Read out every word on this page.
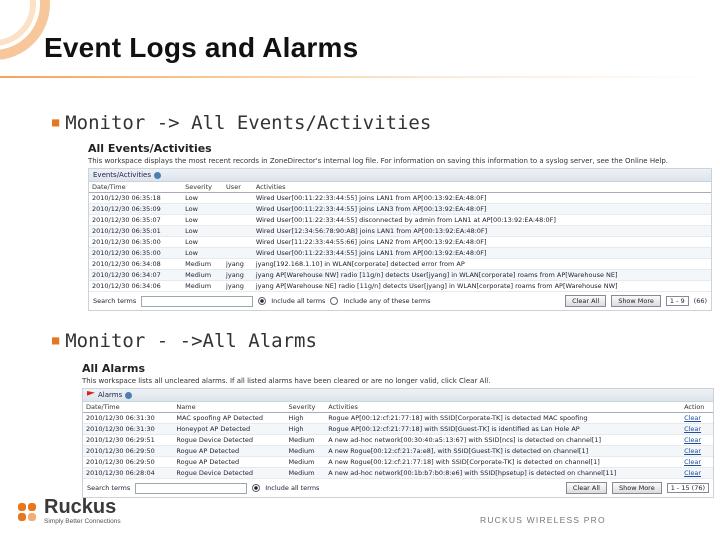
Event Logs and Alarms
■ Monitor -> All Events/Activities
All Events/Activities
This workspace displays the most recent records in ZoneDirector's internal log file. For information on saving this information to a syslog server, see the Online Help.
Events/Activities
Date/Time	Severity	User	Activities
2010/12/30 06:35:18	Low		Wired User[00:11:22:33:44:55] joins LAN1 from AP[00:13:92:EA:48:0F]
2010/12/30 06:35:09	Low		Wired User[00:11:22:33:44:55] joins LAN3 from AP[00:13:92:EA:48:0F]
2010/12/30 06:35:07	Low		Wired User[00:11:22:33:44:55] disconnected by admin from LAN1 at AP[00:13:92:EA:48:0F]
2010/12/30 06:35:01	Low		Wired User[12:34:56:78:90:AB] joins LAN1 from AP[00:13:92:EA:48:0F]
2010/12/30 06:35:00	Low		Wired User[11:22:33:44:55:66] joins LAN2 from AP[00:13:92:EA:48:0F]
2010/12/30 06:35:00	Low		Wired User[00:11:22:33:44:55] joins LAN1 from AP[00:13:92:EA:48:0F]
2010/12/30 06:34:08	Medium	jyang	jyang[192.168.1.10] in WLAN[corporate] detected error from AP
2010/12/30 06:34:07	Medium	jyang	jyang AP[Warehouse NW] radio [11g/n] detects User[jyang] in WLAN[corporate] roams from AP[Warehouse NE]
2010/12/30 06:34:06	Medium	jyang	jyang AP[Warehouse NE] radio [11g/n] detects User[jyang] in WLAN[corporate] roams from AP[Warehouse NW]
Search terms	Include all terms	Include any of these terms	Clear All	Show More	1 - 9	(66)
■ Monitor - ->All Alarms
All Alarms
This workspace lists all uncleared alarms. If all listed alarms have been cleared or are no longer valid, click Clear All.
Alarms
Date/Time	Name	Severity	Activities	Action
2010/12/30 06:31:30	MAC spoofing AP Detected	High	Rogue AP[00:12:cf:21:77:18] with SSID[Corporate-TK] is detected MAC spoofing	Clear
2010/12/30 06:31:30	Honeypot AP Detected	High	Rogue AP[00:12:cf:21:77:18] with SSID[Guest-TK] is identified as Lan Hole AP	Clear
2010/12/30 06:29:51	Rogue Device Detected	Medium	A new ad-hoc network[00:30:40:a5:13:67] with SSID[ncs] is detected on channel[1]	Clear
2010/12/30 06:29:50	Rogue AP Detected	Medium	A new Rogue[00:12:cf:21:7a:e8], with SSID[Guest-TK] is detected on channel[1]	Clear
2010/12/30 06:29:50	Rogue AP Detected	Medium	A new Rogue[00:12:cf:21:77:18] with SSID[Corporate-TK] is detected on channel[1]	Clear
2010/12/30 06:28:04	Rogue Device Detected	Medium	A new ad-hoc network[00:1b:b7:b0:8:e6] with SSID[hpsetup] is detected on channel[11]	Clear
Search terms	Include all terms	Clear All	Show More	1 - 15 (76)
Ruckus
Simply Better Connections	RUCKUS WIRELESS PRO
